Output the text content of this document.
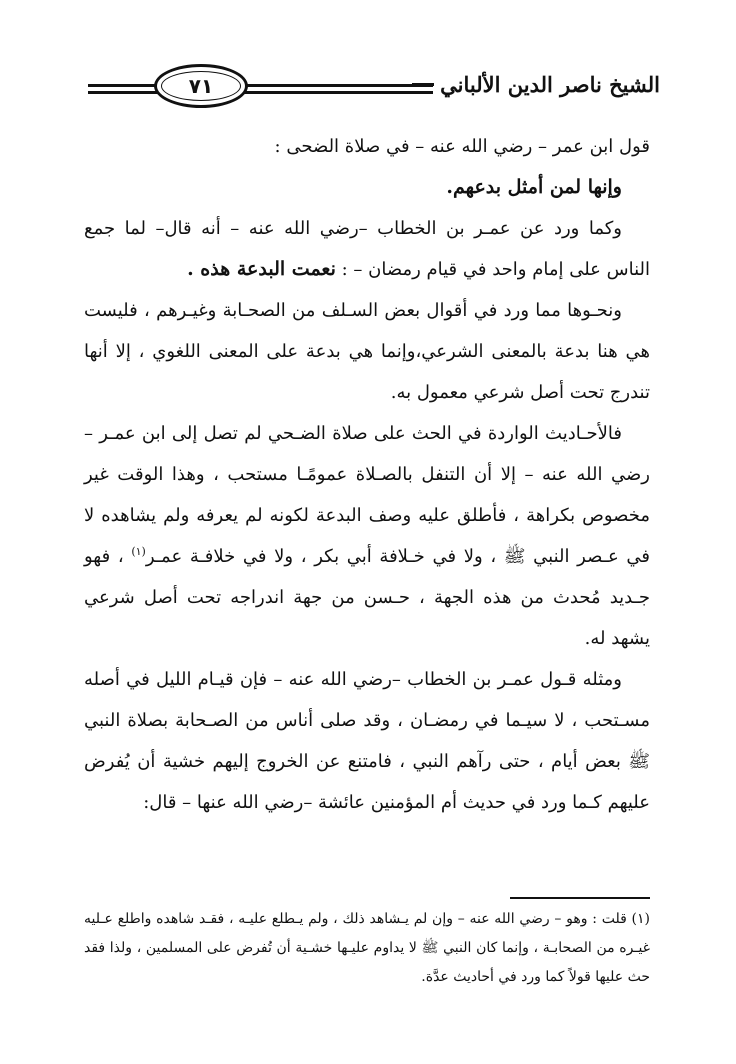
الشيخ ناصر الدين الألباني
٧١

قول ابن عمر – رضي الله عنه – في صلاة الضحى :

وإنها لمن أمثل بدعهم.

وكما ورد عن عمـر بن الخطاب –رضي الله عنه – أنه قال– لما جمع الناس على إمام واحد في قيام رمضان – : نعمت البدعة هذه .

ونحـوها مما ورد في أقوال بعض السـلف من الصحـابة وغيـرهم ، فليست هي هنا بدعة بالمعنى الشرعي،وإنما هي بدعة على المعنى اللغوي ، إلا أنها تندرج تحت أصل شرعي معمول به.

فالأحـاديث الواردة في الحث على صلاة الضـحي لم تصل إلى ابن عمـر –رضي الله عنه – إلا أن التنفل بالصـلاة عمومًـا مستحب ، وهذا الوقت غير مخصوص بكراهة ، فأطلق عليه وصف البدعة لكونه لم يعرفه ولم يشاهده لا في عـصر النبي ﷺ ، ولا في خـلافة أبي بكر ، ولا في خلافـة عمـر$^{(١)}$ ، فهو جـديد مُحدث من هذه الجهة ، حـسن من جهة اندراجه تحت أصل شرعي يشهد له.

ومثله قـول عمـر بن الخطاب –رضي الله عنه – فإن قيـام الليل في أصله مسـتحب ، لا سيـما في رمضـان ، وقد صلى أناس من الصـحابة بصلاة النبي ﷺ بعض أيام ، حتى رآهم النبي ، فامتنع عن الخروج إليهم خشية أن يُفرض عليهم كـما ورد في حديث أم المؤمنين عائشة –رضي الله عنها – قال:

(١) قلت : وهو – رضي الله عنه – وإن لم يـشاهد ذلك ، ولم يـطلع عليـه ، فقـد شاهده واطلع عـليه غيـره من الصحابـة ، وإنما كان النبي ﷺ لا يداوم عليـها خشـية أن تُفرض على المسلمين ، ولذا فقد حث عليها قولاً كما ورد في أحاديث عدَّة.
